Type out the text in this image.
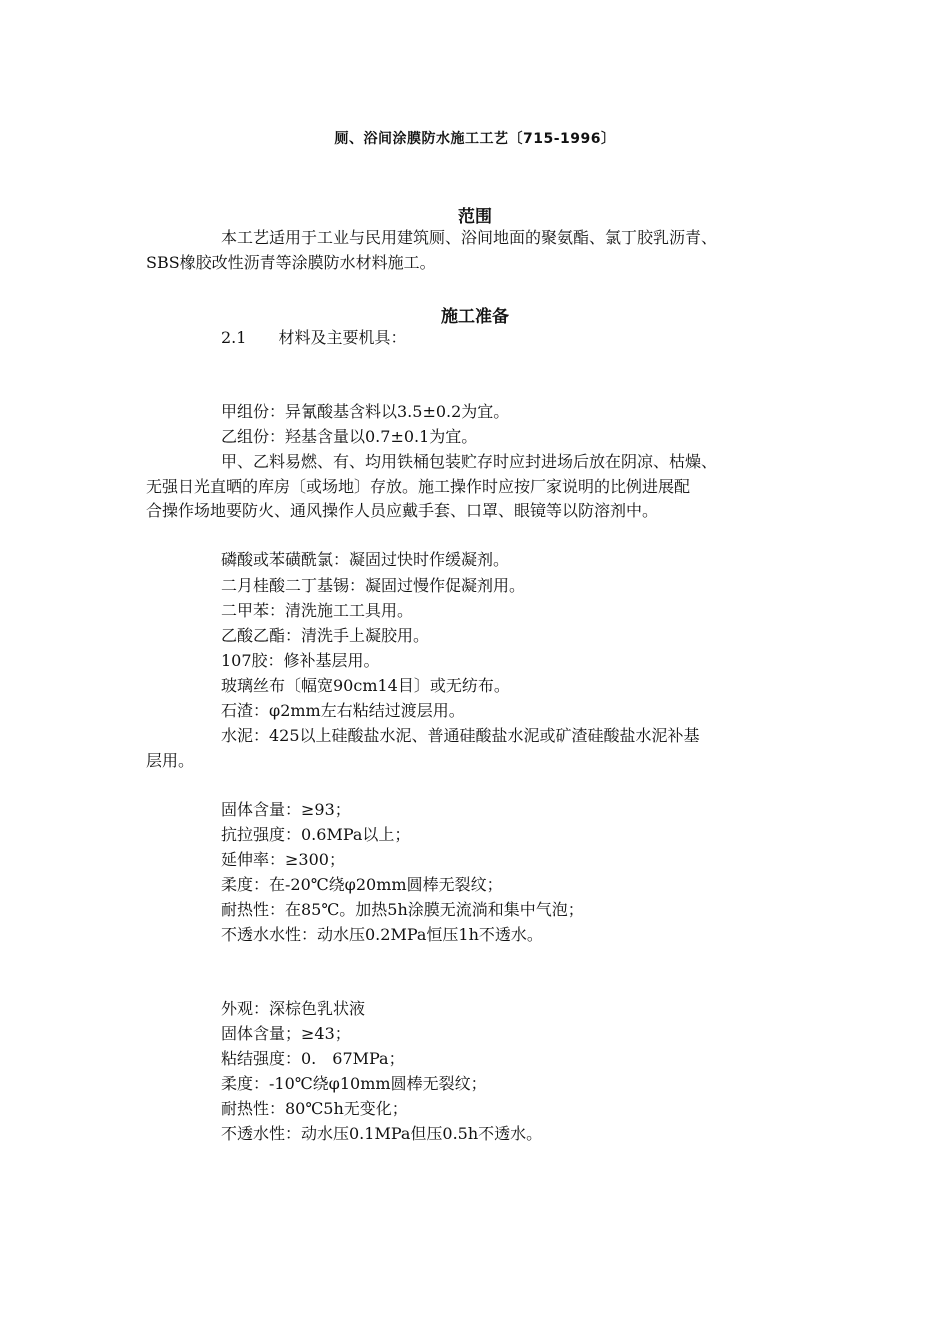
厕、浴间涂膜防水施工工艺〔715-1996〕
范围
本工艺适用于工业与民用建筑厕、浴间地面的聚氨酯、氯丁胶乳沥青、
SBS橡胶改性沥青等涂膜防水材料施工。
施工准备
2.1　　材料及主要机具：
甲组份：异氰酸基含料以3.5±0.2为宜。
乙组份：羟基含量以0.7±0.1为宜。
甲、乙料易燃、有、均用铁桶包装贮存时应封进场后放在阴凉、枯燥、
无强日光直晒的库房〔或场地〕存放。施工操作时应按厂家说明的比例进展配
合操作场地要防火、通风操作人员应戴手套、口罩、眼镜等以防溶剂中。
磷酸或苯磺酰氯：凝固过快时作缓凝剂。
二月桂酸二丁基锡：凝固过慢作促凝剂用。
二甲苯：清洗施工工具用。
乙酸乙酯：清洗手上凝胶用。
107胶：修补基层用。
玻璃丝布〔幅宽90cm14目〕或无纺布。
石渣：φ2mm左右粘结过渡层用。
水泥：425以上硅酸盐水泥、普通硅酸盐水泥或矿渣硅酸盐水泥补基
层用。
固体含量：≥93；
抗拉强度：0.6MPa以上；
延伸率：≥300；
柔度：在-20℃绕φ20mm圆棒无裂纹；
耐热性：在85℃。加热5h涂膜无流淌和集中气泡；
不透水水性：动水压0.2MPa恒压1h不透水。
外观：深棕色乳状液
固体含量；≥43；
粘结强度：0.　67MPa；
柔度：-10℃绕φ10mm圆棒无裂纹；
耐热性：80℃5h无变化；
不透水性：动水压0.1MPa但压0.5h不透水。
